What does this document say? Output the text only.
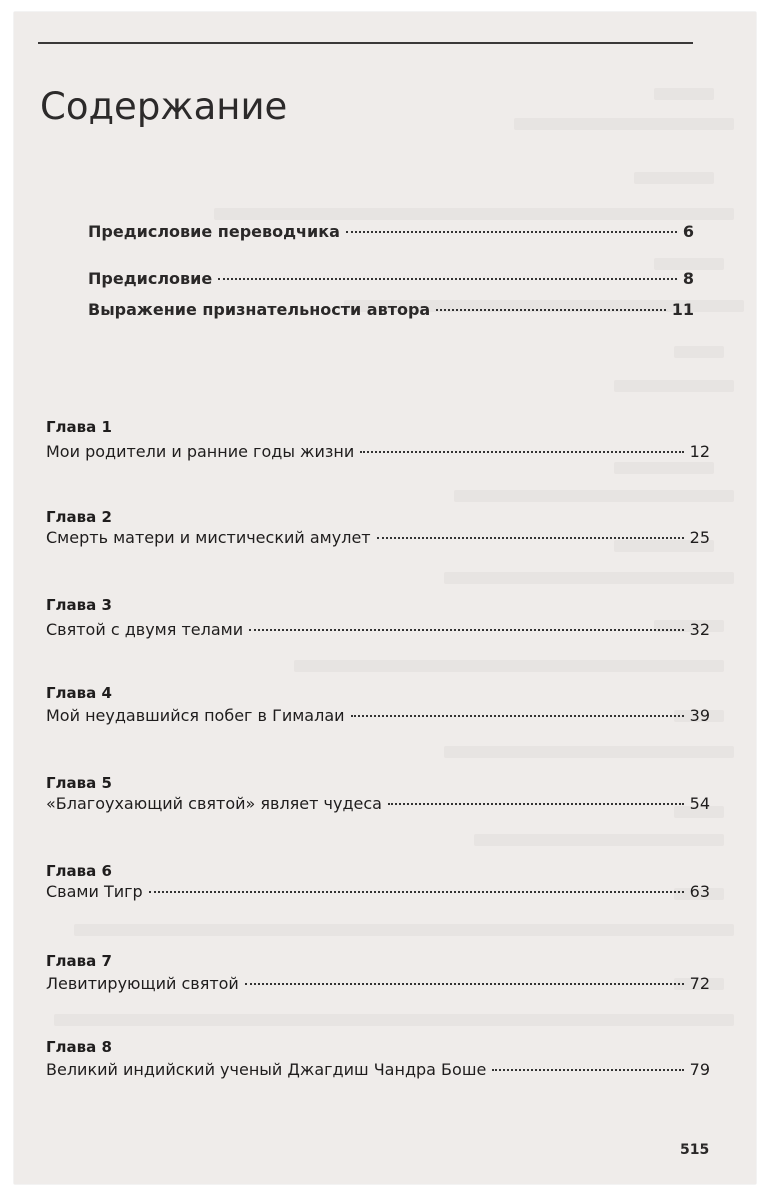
Содержание
Предисловие переводчика	6
Предисловие	8
Выражение признательности автора	11
Глава 1
Мои родители и ранние годы жизни	12
Глава 2
Смерть матери и мистический амулет	25
Глава 3
Святой с двумя телами	32
Глава 4
Мой неудавшийся побег в Гималаи	39
Глава 5
«Благоухающий святой» являет чудеса	54
Глава 6
Свами Тигр	63
Глава 7
Левитирующий святой	72
Глава 8
Великий индийский ученый Джагдиш Чандра Боше	79
515
